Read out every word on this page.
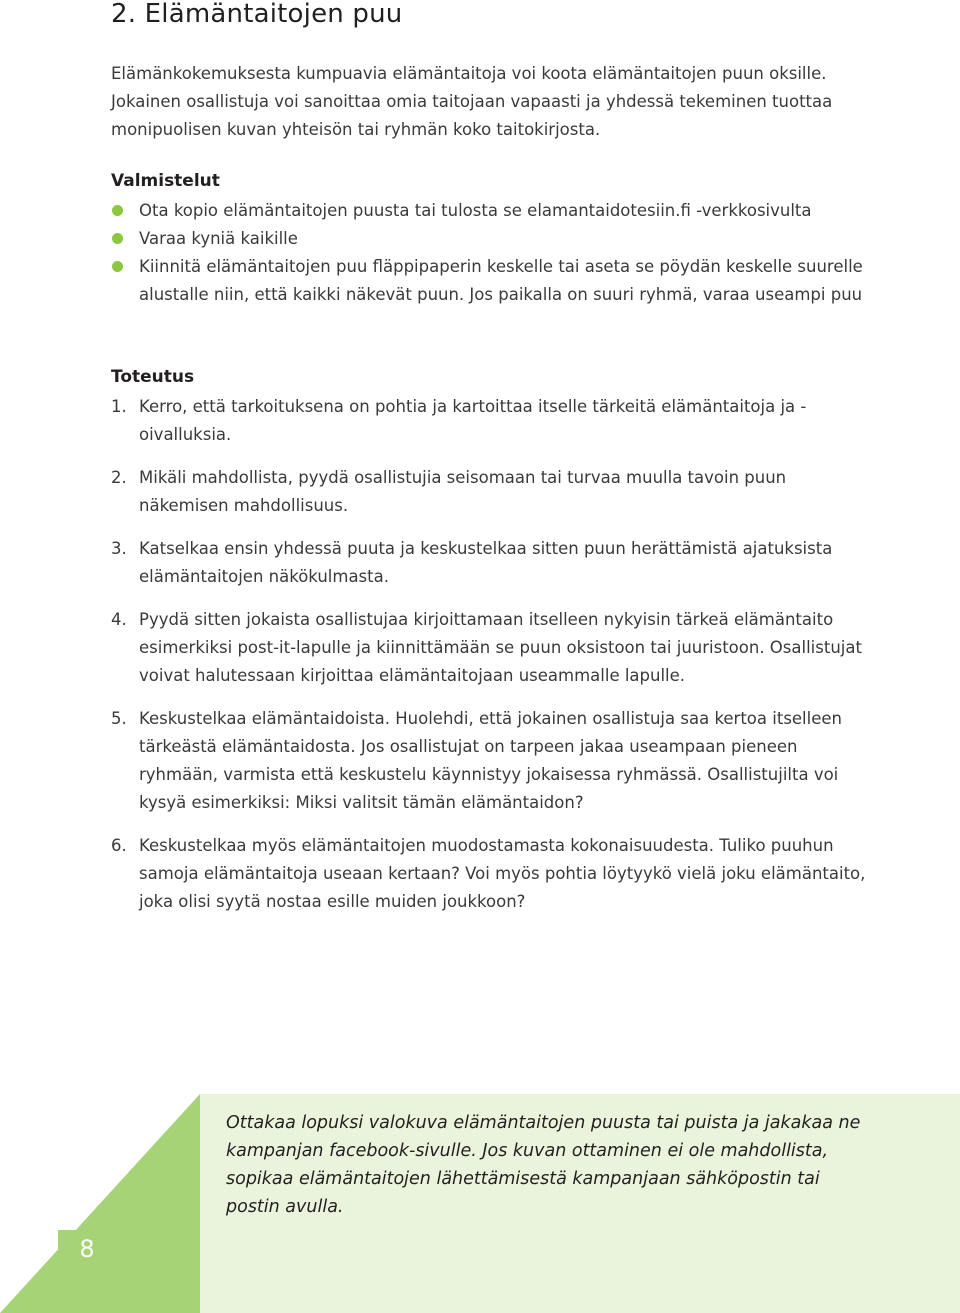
2. Elämäntaitojen puu

Elämänkokemuksesta kumpuavia elämäntaitoja voi koota elämäntaitojen puun oksille. Jokainen osallistuja voi sanoittaa omia taitojaan vapaasti ja yhdessä tekeminen tuottaa monipuolisen kuvan yhteisön tai ryhmän koko taitokirjosta.

Valmistelut
Ota kopio elämäntaitojen puusta tai tulosta se elamantaidotesiin.fi -verkkosivulta
Varaa kyniä kaikille
Kiinnitä elämäntaitojen puu fläppipaperin keskelle tai aseta se pöydän keskelle suurelle alustalle niin, että kaikki näkevät puun. Jos paikalla on suuri ryhmä, varaa useampi puu
Toteutus
1. Kerro, että tarkoituksena on pohtia ja kartoittaa itselle tärkeitä elämäntaitoja ja -oivalluksia.
2. Mikäli mahdollista, pyydä osallistujia seisomaan tai turvaa muulla tavoin puun näkemisen mahdollisuus.
3. Katselkaa ensin yhdessä puuta ja keskustelkaa sitten puun herättämistä ajatuksista elämäntaitojen näkökulmasta.
4. Pyydä sitten jokaista osallistujaa kirjoittamaan itselleen nykyisin tärkeä elämäntaito esimerkiksi post-it-lapulle ja kiinnittämään se puun oksistoon tai juuristoon. Osallistujat voivat halutessaan kirjoittaa elämäntaitojaan useammalle lapulle.
5. Keskustelkaa elämäntaidoista. Huolehdi, että jokainen osallistuja saa kertoa itselleen tärkeästä elämäntaidosta. Jos osallistujat on tarpeen jakaa useampaan pieneen ryhmään, varmista että keskustelu käynnistyy jokaisessa ryhmässä. Osallistujilta voi kysyä esimerkiksi: Miksi valitsit tämän elämäntaidon?
6. Keskustelkaa myös elämäntaitojen muodostamasta kokonaisuudesta. Tuliko puuhun samoja elämäntaitoja useaan kertaan? Voi myös pohtia löytyykö vielä joku elämäntaito, joka olisi syytä nostaa esille muiden joukkoon?

Ottakaa lopuksi valokuva elämäntaitojen puusta tai puista ja jakakaa ne kampanjan facebook-sivulle. Jos kuvan ottaminen ei ole mahdollista, sopikaa elämäntaitojen lähettämisestä kampanjaan sähköpostin tai postin avulla.

8
